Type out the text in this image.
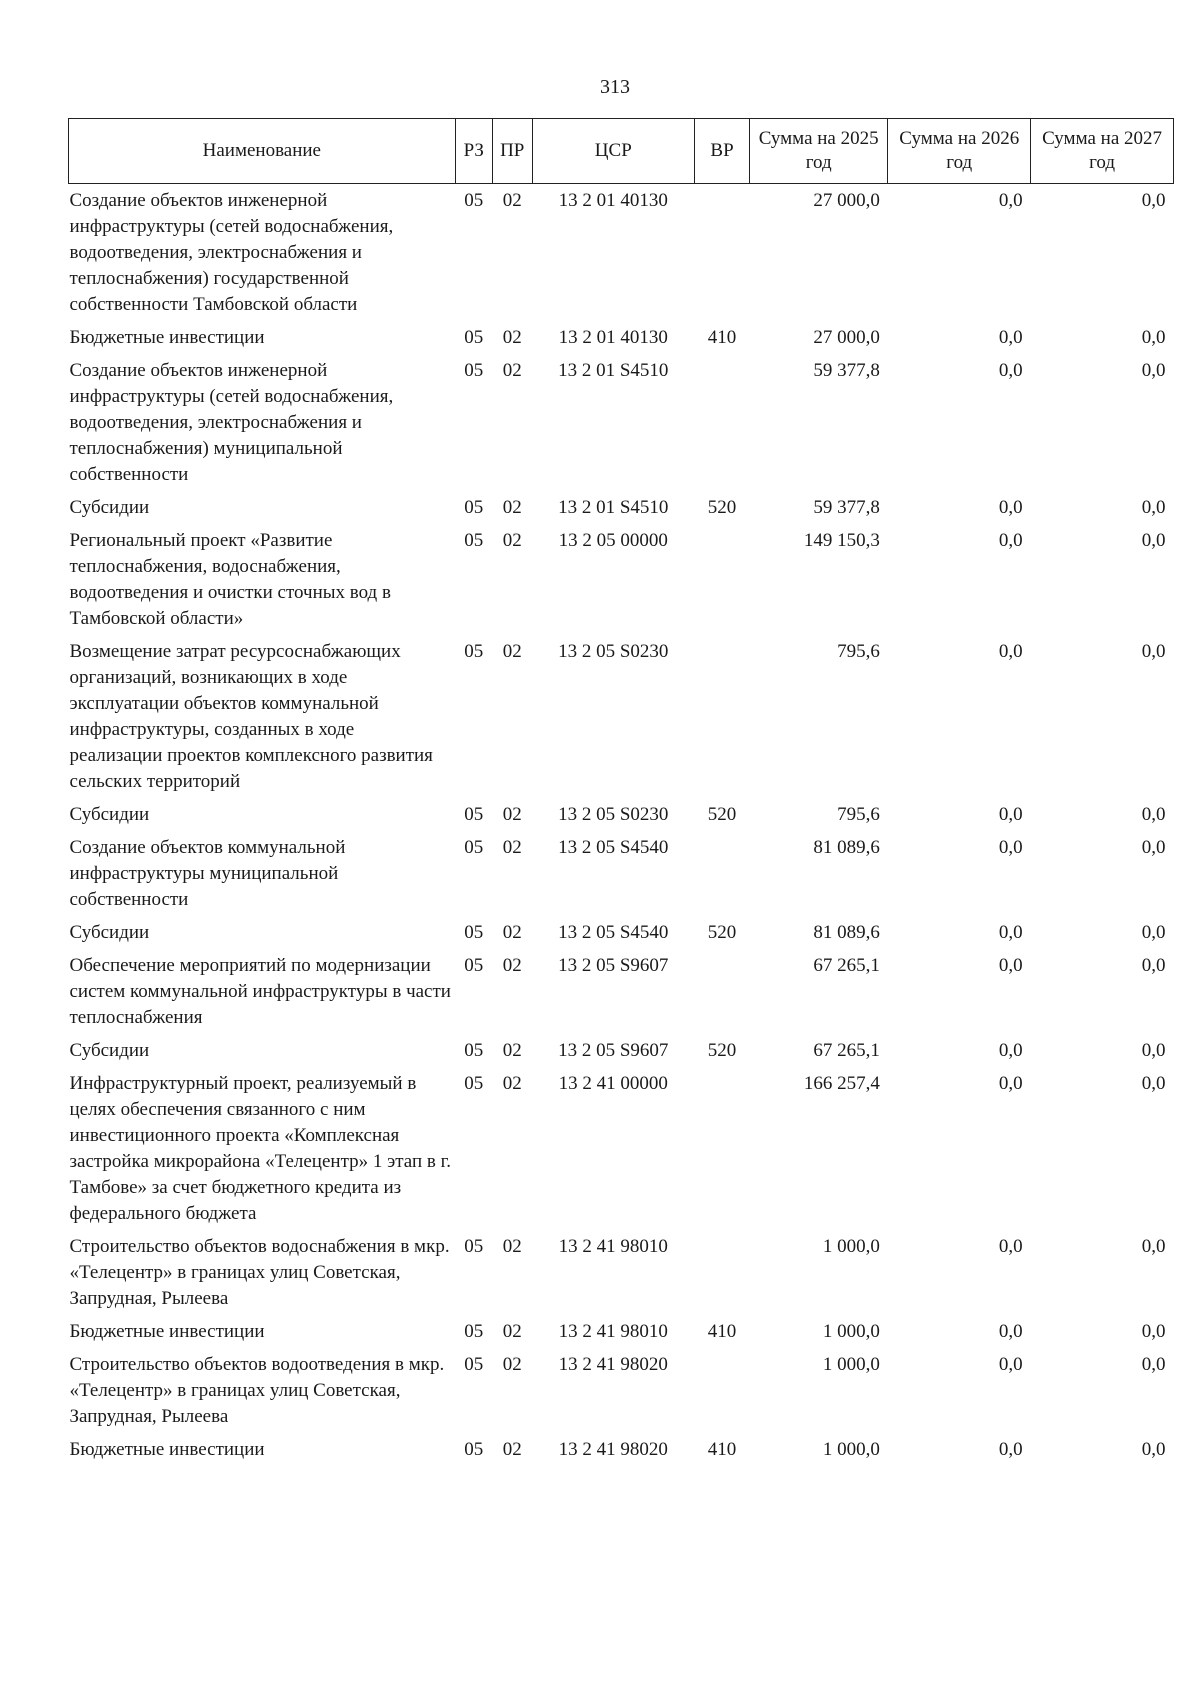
313
Наименование	РЗ	ПР	ЦСР	ВР	Сумма на 2025 год	Сумма на 2026 год	Сумма на 2027 год
Создание объектов инженерной инфраструктуры (сетей водоснабжения, водоотведения, электроснабжения и теплоснабжения) государственной собственности Тамбовской области	05	02	13 2 01 40130		27 000,0	0,0	0,0
Бюджетные инвестиции	05	02	13 2 01 40130	410	27 000,0	0,0	0,0
Создание объектов инженерной инфраструктуры (сетей водоснабжения, водоотведения, электроснабжения и теплоснабжения) муниципальной собственности	05	02	13 2 01 S4510		59 377,8	0,0	0,0
Субсидии	05	02	13 2 01 S4510	520	59 377,8	0,0	0,0
Региональный проект «Развитие теплоснабжения, водоснабжения, водоотведения и очистки сточных вод в Тамбовской области»	05	02	13 2 05 00000		149 150,3	0,0	0,0
Возмещение затрат ресурсоснабжающих организаций, возникающих в ходе эксплуатации объектов коммунальной инфраструктуры, созданных в ходе реализации проектов комплексного развития сельских территорий	05	02	13 2 05 S0230		795,6	0,0	0,0
Субсидии	05	02	13 2 05 S0230	520	795,6	0,0	0,0
Создание объектов коммунальной инфраструктуры муниципальной собственности	05	02	13 2 05 S4540		81 089,6	0,0	0,0
Субсидии	05	02	13 2 05 S4540	520	81 089,6	0,0	0,0
Обеспечение мероприятий по модернизации систем коммунальной инфраструктуры в части теплоснабжения	05	02	13 2 05 S9607		67 265,1	0,0	0,0
Субсидии	05	02	13 2 05 S9607	520	67 265,1	0,0	0,0
Инфраструктурный проект, реализуемый в целях обеспечения связанного с ним инвестиционного проекта «Комплексная застройка микрорайона «Телецентр» 1 этап в г. Тамбове» за счет бюджетного кредита из федерального бюджета	05	02	13 2 41 00000		166 257,4	0,0	0,0
Строительство объектов водоснабжения в мкр. «Телецентр» в границах улиц Советская, Запрудная, Рылеева	05	02	13 2 41 98010		1 000,0	0,0	0,0
Бюджетные инвестиции	05	02	13 2 41 98010	410	1 000,0	0,0	0,0
Строительство объектов водоотведения в мкр. «Телецентр» в границах улиц Советская, Запрудная, Рылеева	05	02	13 2 41 98020		1 000,0	0,0	0,0
Бюджетные инвестиции	05	02	13 2 41 98020	410	1 000,0	0,0	0,0
